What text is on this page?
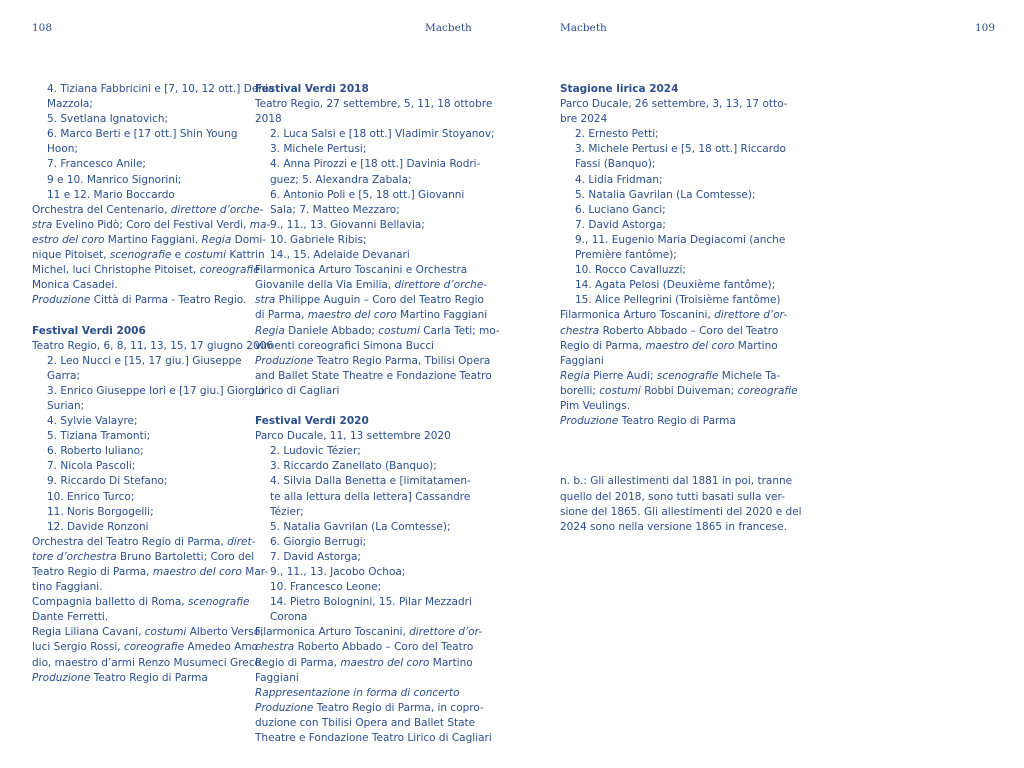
108	Macbeth	Macbeth	109
4. Tiziana Fabbricini e [7, 10, 12 ott.] Denia
Mazzola;
5. Svetlana Ignatovich;
6. Marco Berti e [17 ott.] Shin Young
Hoon;
7. Francesco Anile;
9 e 10. Manrico Signorini;
11 e 12. Mario Boccardo
Orchestra del Centenario, direttore d’orche-
stra Evelino Pidò; Coro del Festival Verdi, ma-
estro del coro Martino Faggiani. Regia Domi-
nique Pitoiset, scenografie e costumi Kattrin
Michel, luci Christophe Pitoiset, coreografie
Monica Casadei.
Produzione Città di Parma - Teatro Regio.
Festival Verdi 2006
Teatro Regio, 6, 8, 11, 13, 15, 17 giugno 2006
2. Leo Nucci e [15, 17 giu.] Giuseppe
Garra;
3. Enrico Giuseppe Iori e [17 giu.] Giorgio
Surian;
4. Sylvie Valayre;
5. Tiziana Tramonti;
6. Roberto Iuliano;
7. Nicola Pascoli;
9. Riccardo Di Stefano;
10. Enrico Turco;
11. Noris Borgogelli;
12. Davide Ronzoni
Orchestra del Teatro Regio di Parma, diret-
tore d’orchestra Bruno Bartoletti; Coro del
Teatro Regio di Parma, maestro del coro Mar-
tino Faggiani.
Compagnia balletto di Roma, scenografie
Dante Ferretti.
Regia Liliana Cavani, costumi Alberto Verso,
luci Sergio Rossi, coreografie Amedeo Amo-
dio, maestro d’armi Renzo Musumeci Greco
Produzione Teatro Regio di Parma
Festival Verdi 2018
Teatro Regio, 27 settembre, 5, 11, 18 ottobre
2018
2. Luca Salsi e [18 ott.] Vladimir Stoyanov;
3. Michele Pertusi;
4. Anna Pirozzi e [18 ott.] Davinia Rodri-
guez; 5. Alexandra Zabala;
6. Antonio Poli e [5, 18 ott.] Giovanni
Sala; 7. Matteo Mezzaro;
9., 11., 13. Giovanni Bellavia;
10. Gabriele Ribis;
14., 15. Adelaide Devanari
Filarmonica Arturo Toscanini e Orchestra
Giovanile della Via Emilia, direttore d’orche-
stra Philippe Auguin – Coro del Teatro Regio
di Parma, maestro del coro Martino Faggiani
Regia Daniele Abbado; costumi Carla Teti; mo-
vimenti coreografici Simona Bucci
Produzione Teatro Regio Parma, Tbilisi Opera
and Ballet State Theatre e Fondazione Teatro
Lirico di Cagliari
Festival Verdi 2020
Parco Ducale, 11, 13 settembre 2020
2. Ludovic Tézier;
3. Riccardo Zanellato (Banquo);
4. Silvia Dalla Benetta e [limitatamen-
te alla lettura della lettera] Cassandre
Tézier;
5. Natalia Gavrilan (La Comtesse);
6. Giorgio Berrugi;
7. David Astorga;
9., 11., 13. Jacobo Ochoa;
10. Francesco Leone;
14. Pietro Bolognini, 15. Pilar Mezzadri
Corona
Filarmonica Arturo Toscanini, direttore d’or-
chestra Roberto Abbado – Coro del Teatro
Regio di Parma, maestro del coro Martino
Faggiani
Rappresentazione in forma di concerto
Produzione Teatro Regio di Parma, in copro-
duzione con Tbilisi Opera and Ballet State
Theatre e Fondazione Teatro Lirico di Cagliari
Stagione lirica 2024
Parco Ducale, 26 settembre, 3, 13, 17 otto-
bre 2024
2. Ernesto Petti;
3. Michele Pertusi e [5, 18 ott.] Riccardo
Fassi (Banquo);
4. Lidia Fridman;
5. Natalia Gavrilan (La Comtesse);
6. Luciano Ganci;
7. David Astorga;
9., 11. Eugenio Maria Degiacomi (anche
Première fantôme);
10. Rocco Cavalluzzi;
14. Agata Pelosi (Deuxième fantôme);
15. Alice Pellegrini (Troisième fantôme)
Filarmonica Arturo Toscanini, direttore d’or-
chestra Roberto Abbado – Coro del Teatro
Regio di Parma, maestro del coro Martino
Faggiani
Regia Pierre Audi; scenografie Michele Ta-
borelli; costumi Robbi Duiveman; coreografie
Pim Veulings.
Produzione Teatro Regio di Parma
n. b.: Gli allestimenti dal 1881 in poi, tranne
quello del 2018, sono tutti basati sulla ver-
sione del 1865. Gli allestimenti del 2020 e del
2024 sono nella versione 1865 in francese.
